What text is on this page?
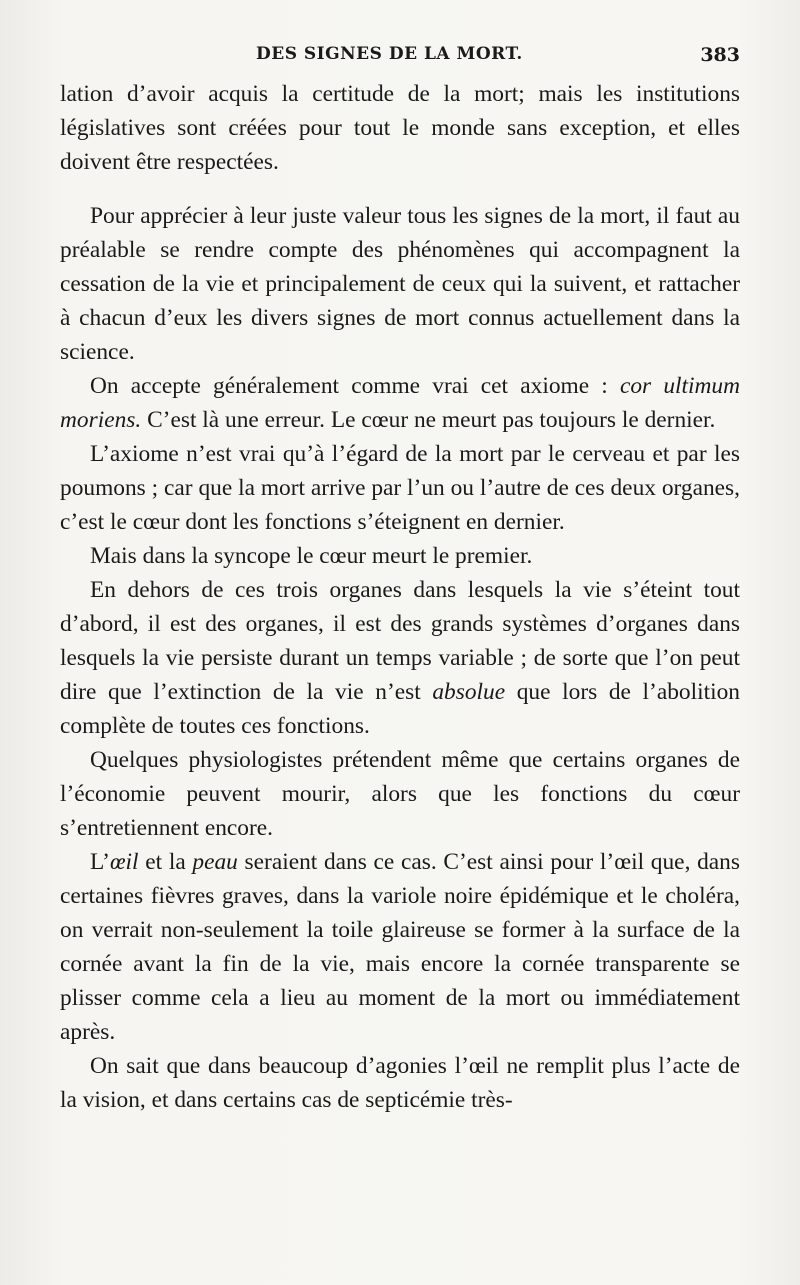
DES SIGNES DE LA MORT.	383

lation d’avoir acquis la certitude de la mort; mais les institutions législatives sont créées pour tout le monde sans exception, et elles doivent être respectées.

Pour apprécier à leur juste valeur tous les signes de la mort, il faut au préalable se rendre compte des phénomènes qui accompagnent la cessation de la vie et principalement de ceux qui la suivent, et rattacher à chacun d’eux les divers signes de mort connus actuellement dans la science.

On accepte généralement comme vrai cet axiome : cor ultimum moriens. C’est là une erreur. Le cœur ne meurt pas toujours le dernier.

L’axiome n’est vrai qu’à l’égard de la mort par le cerveau et par les poumons ; car que la mort arrive par l’un ou l’autre de ces deux organes, c’est le cœur dont les fonctions s’éteignent en dernier.

Mais dans la syncope le cœur meurt le premier.

En dehors de ces trois organes dans lesquels la vie s’éteint tout d’abord, il est des organes, il est des grands systèmes d’organes dans lesquels la vie persiste durant un temps variable ; de sorte que l’on peut dire que l’extinction de la vie n’est absolue que lors de l’abolition complète de toutes ces fonctions.

Quelques physiologistes prétendent même que certains organes de l’économie peuvent mourir, alors que les fonctions du cœur s’entretiennent encore.

L’œil et la peau seraient dans ce cas. C’est ainsi pour l’œil que, dans certaines fièvres graves, dans la variole noire épidémique et le choléra, on verrait non-seulement la toile glaireuse se former à la surface de la cornée avant la fin de la vie, mais encore la cornée transparente se plisser comme cela a lieu au moment de la mort ou immédiatement après.

On sait que dans beaucoup d’agonies l’œil ne remplit plus l’acte de la vision, et dans certains cas de septicémie très-
